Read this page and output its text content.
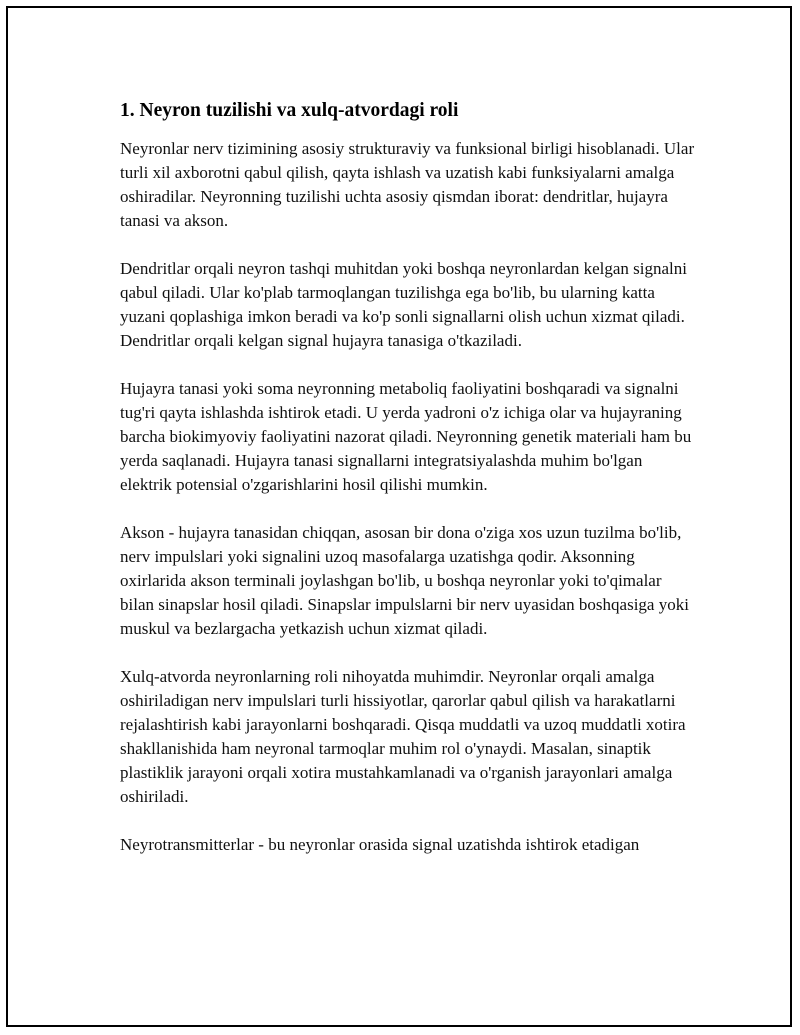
1. Neyron tuzilishi va xulq-atvordagi roli

Neyronlar nerv tizimining asosiy strukturaviy va funksional birligi hisoblanadi. Ular turli xil axborotni qabul qilish, qayta ishlash va uzatish kabi funksiyalarni amalga oshiradilar. Neyronning tuzilishi uchta asosiy qismdan iborat: dendritlar, hujayra tanasi va akson.

Dendritlar orqali neyron tashqi muhitdan yoki boshqa neyronlardan kelgan signalni qabul qiladi. Ular ko'plab tarmoqlangan tuzilishga ega bo'lib, bu ularning katta yuzani qoplashiga imkon beradi va ko'p sonli signallarni olish uchun xizmat qiladi. Dendritlar orqali kelgan signal hujayra tanasiga o'tkaziladi.

Hujayra tanasi yoki soma neyronning metaboliq faoliyatini boshqaradi va signalni tug'ri qayta ishlashda ishtirok etadi. U yerda yadroni o'z ichiga olar va hujayraning barcha biokimyoviy faoliyatini nazorat qiladi. Neyronning genetik materiali ham bu yerda saqlanadi. Hujayra tanasi signallarni integratsiyalashda muhim bo'lgan elektrik potensial o'zgarishlarini hosil qilishi mumkin.

Akson - hujayra tanasidan chiqqan, asosan bir dona o'ziga xos uzun tuzilma bo'lib, nerv impulslari yoki signalini uzoq masofalarga uzatishga qodir. Aksonning oxirlarida akson terminali joylashgan bo'lib, u boshqa neyronlar yoki to'qimalar bilan sinapslar hosil qiladi. Sinapslar impulslarni bir nerv uyasidan boshqasiga yoki muskul va bezlargacha yetkazish uchun xizmat qiladi.

Xulq-atvorda neyronlarning roli nihoyatda muhimdir. Neyronlar orqali amalga oshiriladigan nerv impulslari turli hissiyotlar, qarorlar qabul qilish va harakatlarni rejalashtirish kabi jarayonlarni boshqaradi. Qisqa muddatli va uzoq muddatli xotira shakllanishida ham neyronal tarmoqlar muhim rol o'ynaydi. Masalan, sinaptik plastiklik jarayoni orqali xotira mustahkamlanadi va o'rganish jarayonlari amalga oshiriladi.

Neyrotransmitterlar - bu neyronlar orasida signal uzatishda ishtirok etadigan
